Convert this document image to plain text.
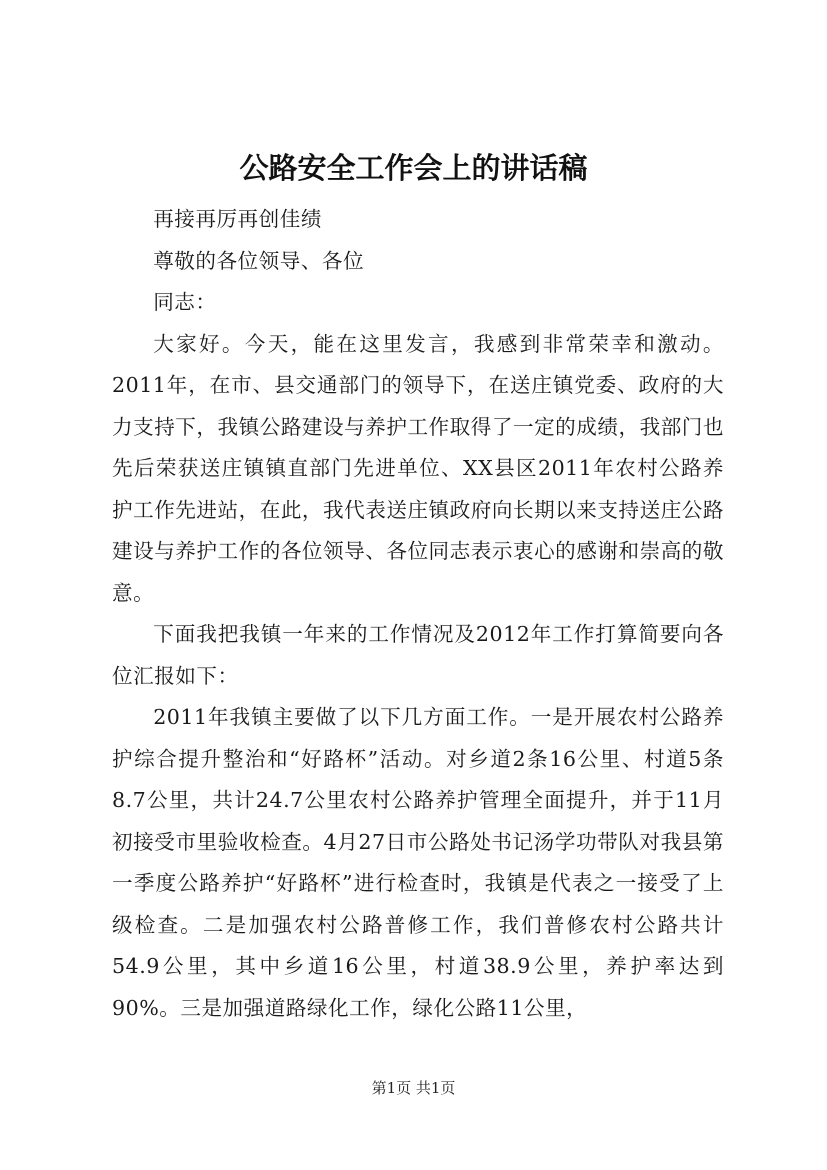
公路安全工作会上的讲话稿

再接再厉再创佳绩

尊敬的各位领导、各位

同志：

大家好。今天，能在这里发言，我感到非常荣幸和激动。2011年，在市、县交通部门的领导下，在送庄镇党委、政府的大力支持下，我镇公路建设与养护工作取得了一定的成绩，我部门也先后荣获送庄镇镇直部门先进单位、XX县区2011年农村公路养护工作先进站，在此，我代表送庄镇政府向长期以来支持送庄公路建设与养护工作的各位领导、各位同志表示衷心的感谢和崇高的敬意。

下面我把我镇一年来的工作情况及2012年工作打算简要向各位汇报如下：

2011年我镇主要做了以下几方面工作。一是开展农村公路养护综合提升整治和“好路杯”活动。对乡道2条16公里、村道5条8.7公里，共计24.7公里农村公路养护管理全面提升，并于11月初接受市里验收检查。4月27日市公路处书记汤学功带队对我县第一季度公路养护“好路杯”进行检查时，我镇是代表之一接受了上级检查。二是加强农村公路普修工作，我们普修农村公路共计54.9公里，其中乡道16公里，村道38.9公里，养护率达到90%。三是加强道路绿化工作，绿化公路11公里，

第1页 共1页
